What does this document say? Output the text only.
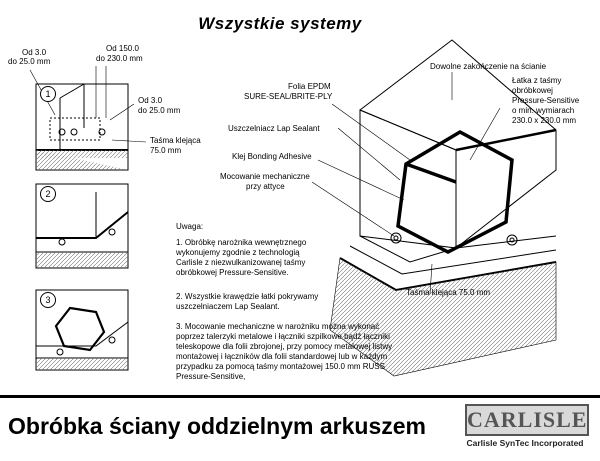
Wszystkie systemy
1
2
3
Od 3.0
do 25.0 mm
Od 150.0
do 230.0 mm
Od 3.0
do 25.0 mm
Taśma klejąca
75.0 mm
Dowolne zakończenie na ścianie
Folia EPDM
SURE-SEAL/BRITE-PLY
Łatka z taśmy
obróbkowej
Pressure-Sensitive
o min. wymiarach
230.0 x 230.0 mm
Uszczelniacz Lap Sealant
Klej Bonding Adhesive
Mocowanie mechaniczne
przy attyce
Taśma klejąca 75.0 mm
Uwaga:
1. Obróbkę narożnika wewnętrznego wykonujemy zgodnie z technologią Carlisle z niezwulkanizowanej taśmy obróbkowej Pressure-Sensitive.
2. Wszystkie krawędzie łatki pokrywamy uszczelniaczem Lap Sealant.
3. Mocowanie mechaniczne w narożniku można wykonać poprzez talerzyki metalowe i łączniki szpilkowe bądź łączniki teleskopowe dla folii zbrojonej, przy pomocy metalowej listwy montażowej i łączników dla folii standardowej lub w każdym przypadku za pomocą taśmy montażowej 150.0 mm RUSS Pressure-Sensitive,
Obróbka ściany oddzielnym arkuszem CARLISLE
Carlisle SynTec Incorporated
